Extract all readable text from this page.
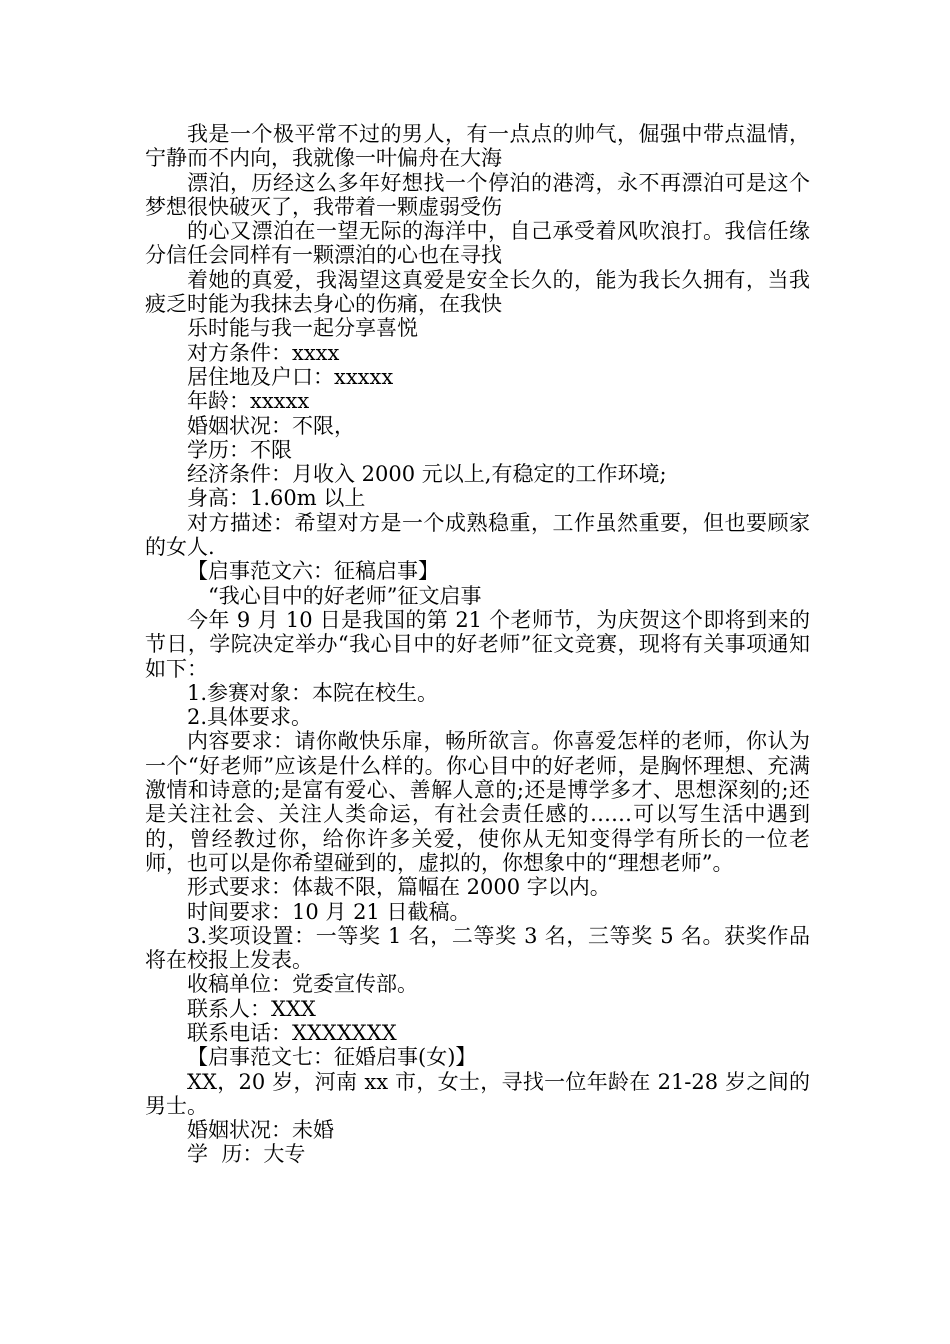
我是一个极平常不过的男人，有一点点的帅气，倔强中带点温情，宁静而不内向，我就像一叶偏舟在大海

漂泊，历经这么多年好想找一个停泊的港湾，永不再漂泊可是这个梦想很快破灭了，我带着一颗虚弱受伤

的心又漂泊在一望无际的海洋中，自己承受着风吹浪打。我信任缘分信任会同样有一颗漂泊的心也在寻找

着她的真爱，我渴望这真爱是安全长久的，能为我长久拥有，当我疲乏时能为我抹去身心的伤痛，在我快

乐时能与我一起分享喜悦

对方条件：xxxx

居住地及户口：xxxxx

年龄：xxxxx

婚姻状况：不限，

学历：不限

经济条件：月收入 2000 元以上,有稳定的工作环境;

身高：1.60m 以上

对方描述：希望对方是一个成熟稳重，工作虽然重要，但也要顾家的女人.

【启事范文六：征稿启事】

“我心目中的好老师”征文启事

今年 9 月 10 日是我国的第 21 个老师节，为庆贺这个即将到来的节日，学院决定举办“我心目中的好老师”征文竞赛，现将有关事项通知如下：

1.参赛对象：本院在校生。

2.具体要求。

内容要求：请你敞快乐扉，畅所欲言。你喜爱怎样的老师，你认为一个“好老师”应该是什么样的。你心目中的好老师，是胸怀理想、充满激情和诗意的;是富有爱心、善解人意的;还是博学多才、思想深刻的;还是关注社会、关注人类命运，有社会责任感的……可以写生活中遇到的，曾经教过你，给你许多关爱，使你从无知变得学有所长的一位老师，也可以是你希望碰到的，虚拟的，你想象中的“理想老师”。

形式要求：体裁不限，篇幅在 2000 字以内。

时间要求：10 月 21 日截稿。

3.奖项设置：一等奖 1 名，二等奖 3 名，三等奖 5 名。获奖作品将在校报上发表。

收稿单位：党委宣传部。

联系人：XXX

联系电话：XXXXXXX

【启事范文七：征婚启事(女)】

XX，20 岁，河南 xx 市，女士，寻找一位年龄在 21-28 岁之间的男士。

婚姻状况：未婚

学  历：大专
